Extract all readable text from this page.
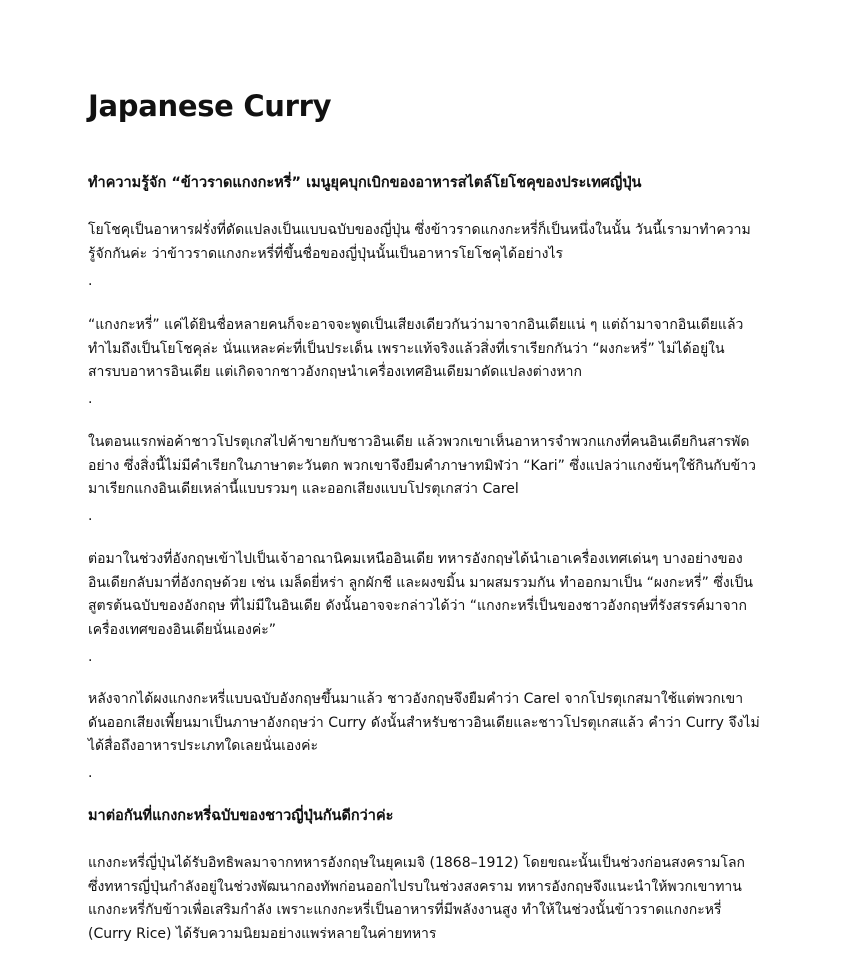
Japanese Curry

ทำความรู้จัก “ข้าวราดแกงกะหรี่” เมนูยุคบุกเบิกของอาหารสไตล์โยโชคุของประเทศญี่ปุ่น

โยโชคุเป็นอาหารฝรั่งที่ดัดแปลงเป็นแบบฉบับของญี่ปุ่น ซึ่งข้าวราดแกงกะหรี่ก็เป็นหนึ่งในนั้น วันนี้เรามาทำความรู้จักกันค่ะ ว่าข้าวราดแกงกะหรี่ที่ขึ้นชื่อของญี่ปุ่นนั้นเป็นอาหารโยโชคุได้อย่างไร

.

“แกงกะหรี่” แค่ได้ยินชื่อหลายคนก็จะอาจจะพูดเป็นเสียงเดียวกันว่ามาจากอินเดียแน่ ๆ แต่ถ้ามาจากอินเดียแล้วทำไมถึงเป็นโยโชคุล่ะ นั่นแหละค่ะที่เป็นประเด็น เพราะแท้จริงแล้วสิ่งที่เราเรียกกันว่า “ผงกะหรี่” ไม่ได้อยู่ในสารบบอาหารอินเดีย แต่เกิดจากชาวอังกฤษนำเครื่องเทศอินเดียมาดัดแปลงต่างหาก

.

ในตอนแรกพ่อค้าชาวโปรตุเกสไปค้าขายกับชาวอินเดีย แล้วพวกเขาเห็นอาหารจำพวกแกงที่คนอินเดียกินสารพัดอย่าง ซึ่งสิ่งนี้ไม่มีคำเรียกในภาษาตะวันตก พวกเขาจึงยืมคำภาษาทมิฬว่า “Kari” ซึ่งแปลว่าแกงข้นๆใช้กินกับข้าว มาเรียกแกงอินเดียเหล่านี้แบบรวมๆ และออกเสียงแบบโปรตุเกสว่า Carel

.

ต่อมาในช่วงที่อังกฤษเข้าไปเป็นเจ้าอาณานิคมเหนืออินเดีย ทหารอังกฤษได้นำเอาเครื่องเทศเด่นๆ บางอย่างของอินเดียกลับมาที่อังกฤษด้วย เช่น เมล็ดยี่หร่า ลูกผักชี และผงขมิ้น มาผสมรวมกัน ทำออกมาเป็น “ผงกะหรี่” ซึ่งเป็นสูตรต้นฉบับของอังกฤษ ที่ไม่มีในอินเดีย ดังนั้นอาจจะกล่าวได้ว่า “แกงกะหรี่เป็นของชาวอังกฤษที่รังสรรค์มาจากเครื่องเทศของอินเดียนั่นเองค่ะ”

.

หลังจากได้ผงแกงกะหรี่แบบฉบับอังกฤษขึ้นมาแล้ว ชาวอังกฤษจึงยืมคำว่า Carel จากโปรตุเกสมาใช้แต่พวกเขาดันออกเสียงเพี้ยนมาเป็นภาษาอังกฤษว่า Curry ดังนั้นสำหรับชาวอินเดียและชาวโปรตุเกสแล้ว คำว่า Curry จึงไม่ได้สื่อถึงอาหารประเภทใดเลยนั่นเองค่ะ

.

มาต่อกันที่แกงกะหรี่ฉบับของชาวญี่ปุ่นกันดีกว่าค่ะ

แกงกะหรี่ญี่ปุ่นได้รับอิทธิพลมาจากทหารอังกฤษในยุคเมจิ (1868–1912) โดยขณะนั้นเป็นช่วงก่อนสงครามโลก ซึ่งทหารญี่ปุ่นกำลังอยู่ในช่วงพัฒนากองทัพก่อนออกไปรบในช่วงสงคราม ทหารอังกฤษจึงแนะนำให้พวกเขาทานแกงกะหรี่กับข้าวเพื่อเสริมกำลัง เพราะแกงกะหรี่เป็นอาหารที่มีพลังงานสูง ทำให้ในช่วงนั้นข้าวราดแกงกะหรี่ (Curry Rice) ได้รับความนิยมอย่างแพร่หลายในค่ายทหาร
